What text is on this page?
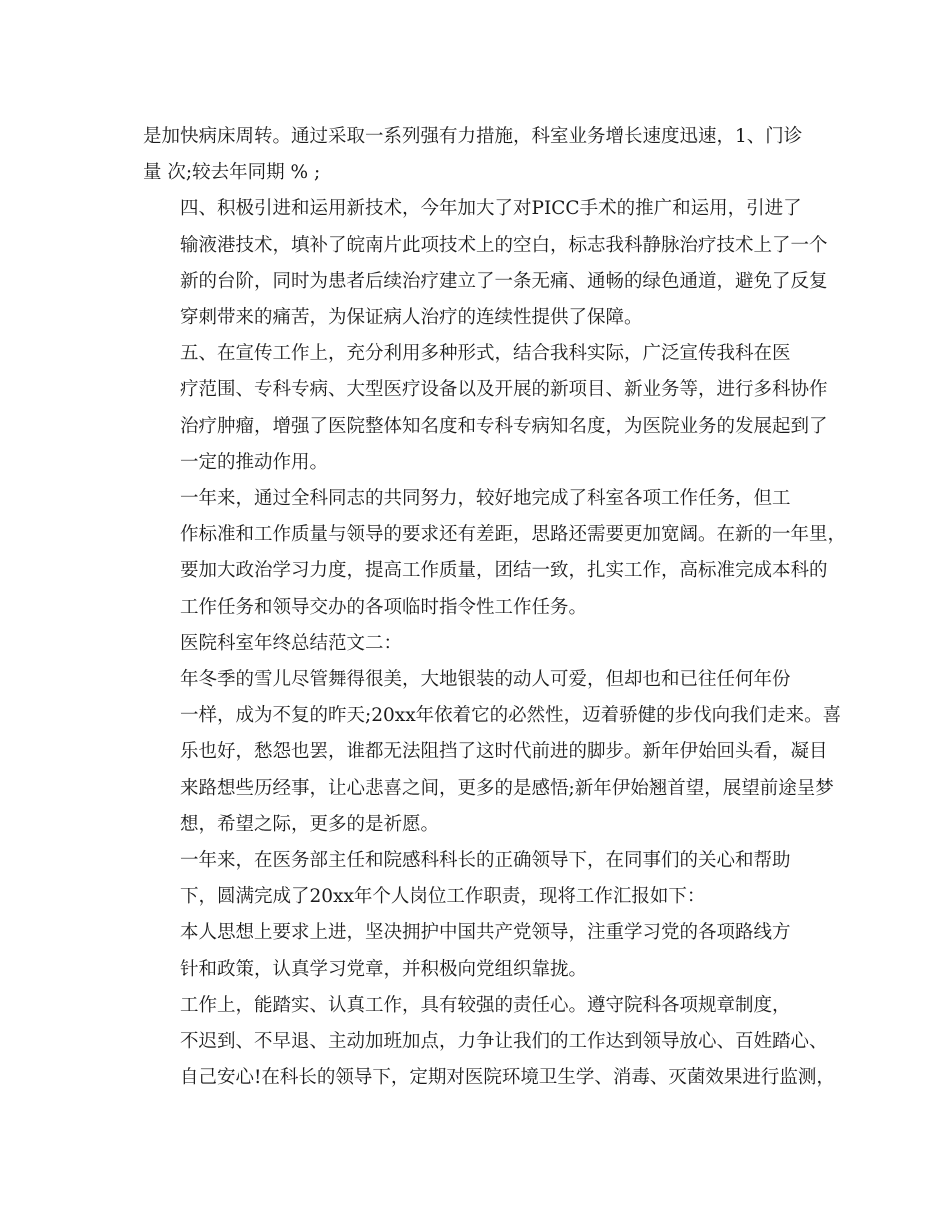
是加快病床周转。通过采取一系列强有力措施，科室业务增长速度迅速，1、门诊
量 次;较去年同期 % ;

四、积极引进和运用新技术，今年加大了对PICC手术的推广和运用，引进了
输液港技术，填补了皖南片此项技术上的空白，标志我科静脉治疗技术上了一个
新的台阶，同时为患者后续治疗建立了一条无痛、通畅的绿色通道，避免了反复
穿刺带来的痛苦，为保证病人治疗的连续性提供了保障。

五、在宣传工作上，充分利用多种形式，结合我科实际，广泛宣传我科在医
疗范围、专科专病、大型医疗设备以及开展的新项目、新业务等，进行多科协作
治疗肿瘤，增强了医院整体知名度和专科专病知名度，为医院业务的发展起到了
一定的推动作用。

一年来，通过全科同志的共同努力，较好地完成了科室各项工作任务，但工
作标准和工作质量与领导的要求还有差距，思路还需要更加宽阔。在新的一年里，
要加大政治学习力度，提高工作质量，团结一致，扎实工作，高标准完成本科的
工作任务和领导交办的各项临时指令性工作任务。

医院科室年终总结范文二：

年冬季的雪儿尽管舞得很美，大地银装的动人可爱，但却也和已往任何年份
一样，成为不复的昨天;20xx年依着它的必然性，迈着骄健的步伐向我们走来。喜
乐也好，愁怨也罢，谁都无法阻挡了这时代前进的脚步。新年伊始回头看，凝目
来路想些历经事，让心悲喜之间，更多的是感悟;新年伊始翘首望，展望前途呈梦
想，希望之际，更多的是祈愿。

一年来，在医务部主任和院感科科长的正确领导下，在同事们的关心和帮助
下，圆满完成了20xx年个人岗位工作职责，现将工作汇报如下：

本人思想上要求上进，坚决拥护中国共产党领导，注重学习党的各项路线方
针和政策，认真学习党章，并积极向党组织靠拢。

工作上，能踏实、认真工作，具有较强的责任心。遵守院科各项规章制度，
不迟到、不早退、主动加班加点，力争让我们的工作达到领导放心、百姓踏心、
自己安心!在科长的领导下，定期对医院环境卫生学、消毒、灭菌效果进行监测，
